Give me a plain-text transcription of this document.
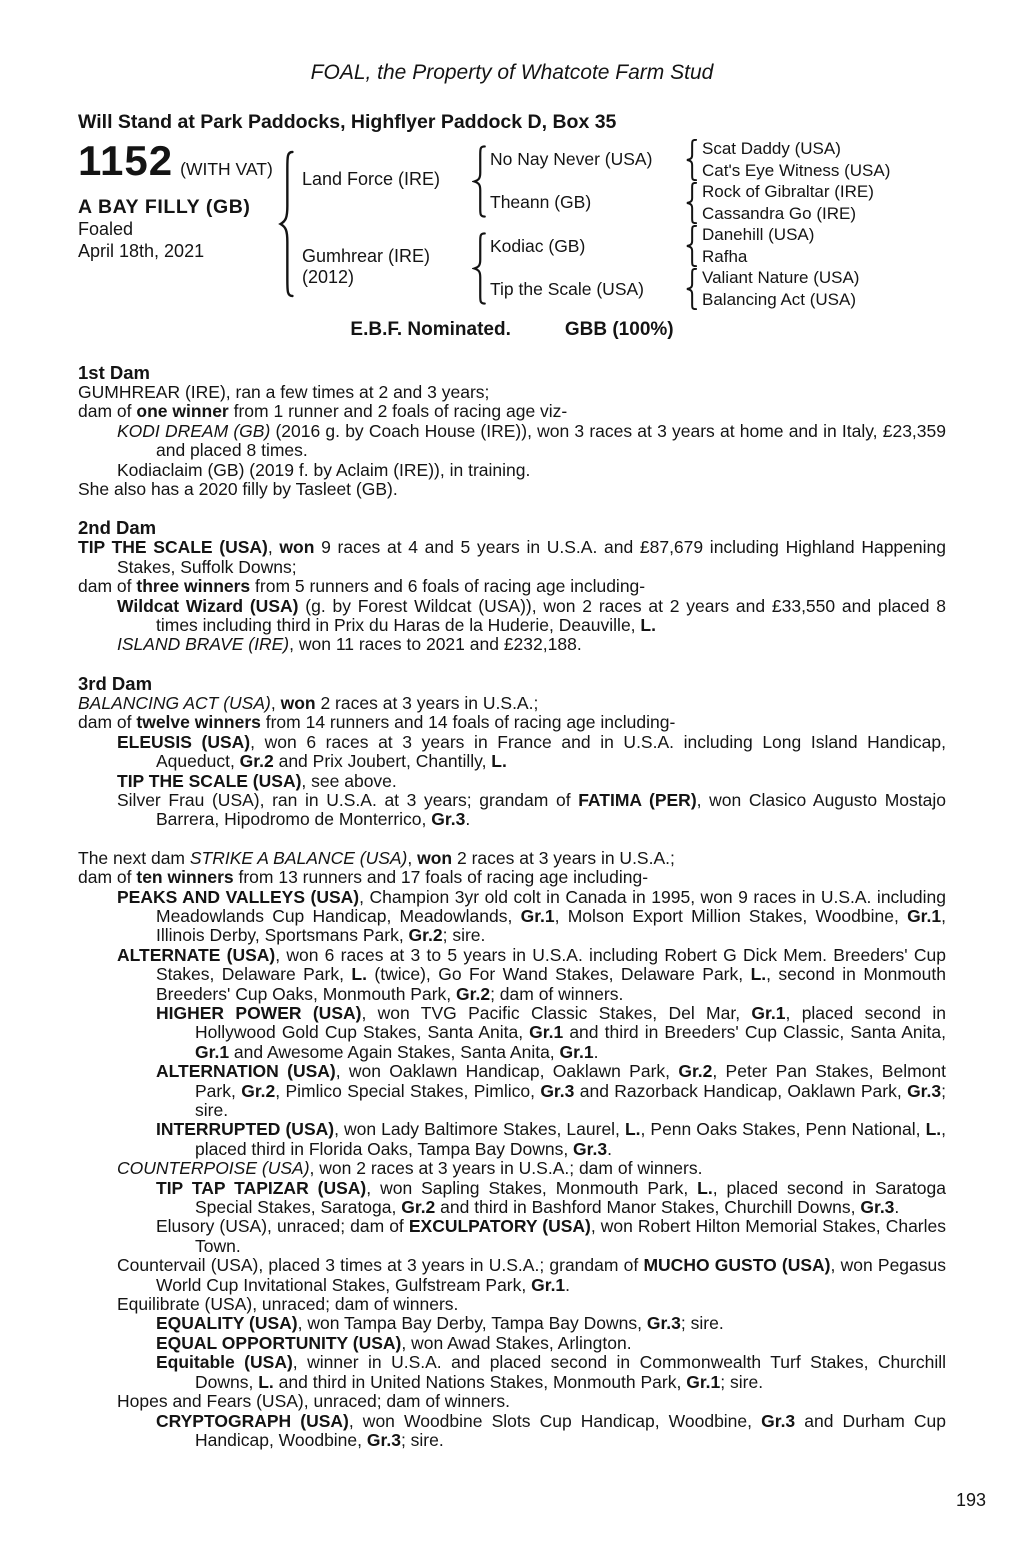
FOAL, the Property of Whatcote Farm Stud
Will Stand at Park Paddocks, Highflyer Paddock D, Box 35
1152 (WITH VAT)
A BAY FILLY (GB)
Foaled
April 18th, 2021
Land Force (IRE)
Gumhrear (IRE)
(2012)
No Nay Never (USA)
Theann (GB)
Kodiac (GB)
Tip the Scale (USA)
Scat Daddy (USA)
Cat's Eye Witness (USA)
Rock of Gibraltar (IRE)
Cassandra Go (IRE)
Danehill (USA)
Rafha
Valiant Nature (USA)
Balancing Act (USA)
E.B.F. Nominated.	GBB (100%)
1st Dam

GUMHREAR (IRE), ran a few times at 2 and 3 years;

dam of one winner from 1 runner and 2 foals of racing age viz-

KODI DREAM (GB) (2016 g. by Coach House (IRE)), won 3 races at 3 years at home and in Italy, £23,359 and placed 8 times.

Kodiaclaim (GB) (2019 f. by Aclaim (IRE)), in training.

She also has a 2020 filly by Tasleet (GB).

2nd Dam

TIP THE SCALE (USA), won 9 races at 4 and 5 years in U.S.A. and £87,679 including Highland Happening Stakes, Suffolk Downs;

dam of three winners from 5 runners and 6 foals of racing age including-

Wildcat Wizard (USA) (g. by Forest Wildcat (USA)), won 2 races at 2 years and £33,550 and placed 8 times including third in Prix du Haras de la Huderie, Deauville, L.

ISLAND BRAVE (IRE), won 11 races to 2021 and £232,188.

3rd Dam

BALANCING ACT (USA), won 2 races at 3 years in U.S.A.;

dam of twelve winners from 14 runners and 14 foals of racing age including-

ELEUSIS (USA), won 6 races at 3 years in France and in U.S.A. including Long Island Handicap, Aqueduct, Gr.2 and Prix Joubert, Chantilly, L.

TIP THE SCALE (USA), see above.

Silver Frau (USA), ran in U.S.A. at 3 years; grandam of FATIMA (PER), won Clasico Augusto Mostajo Barrera, Hipodromo de Monterrico, Gr.3.

The next dam STRIKE A BALANCE (USA), won 2 races at 3 years in U.S.A.;

dam of ten winners from 13 runners and 17 foals of racing age including-

PEAKS AND VALLEYS (USA), Champion 3yr old colt in Canada in 1995, won 9 races in U.S.A. including Meadowlands Cup Handicap, Meadowlands, Gr.1, Molson Export Million Stakes, Woodbine, Gr.1, Illinois Derby, Sportsmans Park, Gr.2; sire.

ALTERNATE (USA), won 6 races at 3 to 5 years in U.S.A. including Robert G Dick Mem. Breeders' Cup Stakes, Delaware Park, L. (twice), Go For Wand Stakes, Delaware Park, L., second in Monmouth Breeders' Cup Oaks, Monmouth Park, Gr.2; dam of winners.

HIGHER POWER (USA), won TVG Pacific Classic Stakes, Del Mar, Gr.1, placed second in Hollywood Gold Cup Stakes, Santa Anita, Gr.1 and third in Breeders' Cup Classic, Santa Anita, Gr.1 and Awesome Again Stakes, Santa Anita, Gr.1.

ALTERNATION (USA), won Oaklawn Handicap, Oaklawn Park, Gr.2, Peter Pan Stakes, Belmont Park, Gr.2, Pimlico Special Stakes, Pimlico, Gr.3 and Razorback Handicap, Oaklawn Park, Gr.3; sire.

INTERRUPTED (USA), won Lady Baltimore Stakes, Laurel, L., Penn Oaks Stakes, Penn National, L., placed third in Florida Oaks, Tampa Bay Downs, Gr.3.

COUNTERPOISE (USA), won 2 races at 3 years in U.S.A.; dam of winners.

TIP TAP TAPIZAR (USA), won Sapling Stakes, Monmouth Park, L., placed second in Saratoga Special Stakes, Saratoga, Gr.2 and third in Bashford Manor Stakes, Churchill Downs, Gr.3.

Elusory (USA), unraced; dam of EXCULPATORY (USA), won Robert Hilton Memorial Stakes, Charles Town.

Countervail (USA), placed 3 times at 3 years in U.S.A.; grandam of MUCHO GUSTO (USA), won Pegasus World Cup Invitational Stakes, Gulfstream Park, Gr.1.

Equilibrate (USA), unraced; dam of winners.

EQUALITY (USA), won Tampa Bay Derby, Tampa Bay Downs, Gr.3; sire.

EQUAL OPPORTUNITY (USA), won Awad Stakes, Arlington.

Equitable (USA), winner in U.S.A. and placed second in Commonwealth Turf Stakes, Churchill Downs, L. and third in United Nations Stakes, Monmouth Park, Gr.1; sire.

Hopes and Fears (USA), unraced; dam of winners.

CRYPTOGRAPH (USA), won Woodbine Slots Cup Handicap, Woodbine, Gr.3 and Durham Cup Handicap, Woodbine, Gr.3; sire.

193
